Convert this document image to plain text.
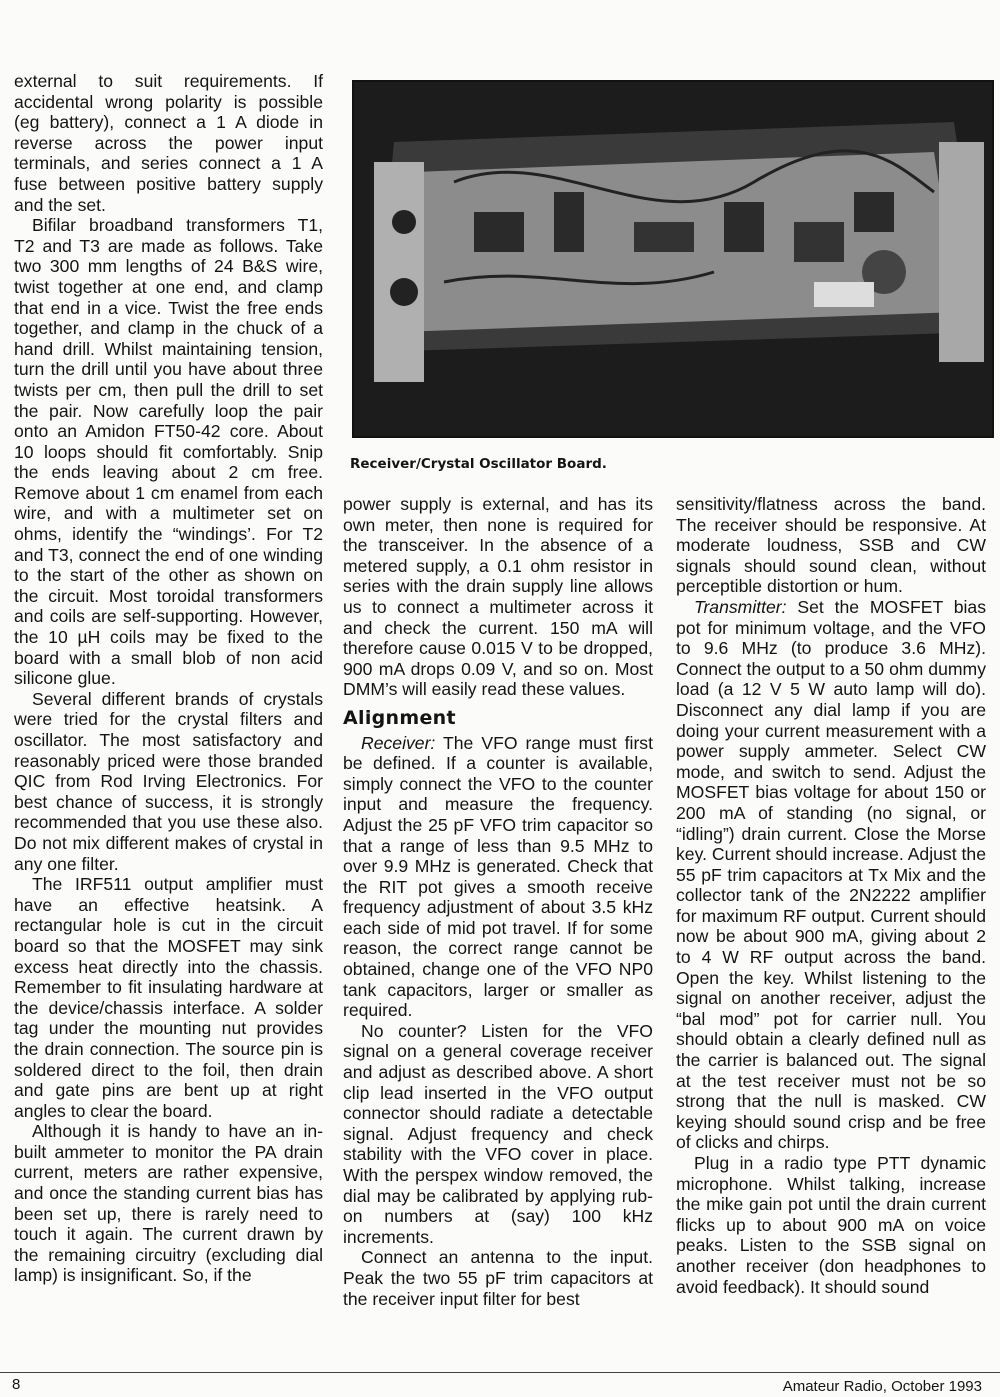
external to suit requirements. If accidental wrong polarity is possible (eg battery), connect a 1 A diode in reverse across the power input terminals, and series connect a 1 A fuse between positive battery supply and the set.

Bifilar broadband transformers T1, T2 and T3 are made as follows. Take two 300 mm lengths of 24 B&S wire, twist together at one end, and clamp that end in a vice. Twist the free ends together, and clamp in the chuck of a hand drill. Whilst maintaining tension, turn the drill until you have about three twists per cm, then pull the drill to set the pair. Now carefully loop the pair onto an Amidon FT50-42 core. About 10 loops should fit comfortably. Snip the ends leaving about 2 cm free. Remove about 1 cm enamel from each wire, and with a multimeter set on ohms, identify the “windings’. For T2 and T3, connect the end of one winding to the start of the other as shown on the circuit. Most toroidal transformers and coils are self-supporting. However, the 10 µH coils may be fixed to the board with a small blob of non acid silicone glue.

Several different brands of crystals were tried for the crystal filters and oscillator. The most satisfactory and reasonably priced were those branded QIC from Rod Irving Electronics. For best chance of success, it is strongly recommended that you use these also. Do not mix different makes of crystal in any one filter.

The IRF511 output amplifier must have an effective heatsink. A rectangular hole is cut in the circuit board so that the MOSFET may sink excess heat directly into the chassis. Remember to fit insulating hardware at the device/chassis interface. A solder tag under the mounting nut provides the drain connection. The source pin is soldered direct to the foil, then drain and gate pins are bent up at right angles to clear the board.

Although it is handy to have an in-built ammeter to monitor the PA drain current, meters are rather expensive, and once the standing current bias has been set up, there is rarely need to touch it again. The current drawn by the remaining circuitry (excluding dial lamp) is insignificant. So, if the

Receiver/Crystal Oscillator Board.

power supply is external, and has its own meter, then none is required for the transceiver. In the absence of a metered supply, a 0.1 ohm resistor in series with the drain supply line allows us to connect a multimeter across it and check the current. 150 mA will therefore cause 0.015 V to be dropped, 900 mA drops 0.09 V, and so on. Most DMM’s will easily read these values.

Alignment

Receiver: The VFO range must first be defined. If a counter is available, simply connect the VFO to the counter input and measure the frequency. Adjust the 25 pF VFO trim capacitor so that a range of less than 9.5 MHz to over 9.9 MHz is generated. Check that the RIT pot gives a smooth receive frequency adjustment of about 3.5 kHz each side of mid pot travel. If for some reason, the correct range cannot be obtained, change one of the VFO NP0 tank capacitors, larger or smaller as required.

No counter? Listen for the VFO signal on a general coverage receiver and adjust as described above. A short clip lead inserted in the VFO output connector should radiate a detectable signal. Adjust frequency and check stability with the VFO cover in place. With the perspex window removed, the dial may be calibrated by applying rub-on numbers at (say) 100 kHz increments.

Connect an antenna to the input. Peak the two 55 pF trim capacitors at the receiver input filter for best

sensitivity/flatness across the band. The receiver should be responsive. At moderate loudness, SSB and CW signals should sound clean, without perceptible distortion or hum.

Transmitter: Set the MOSFET bias pot for minimum voltage, and the VFO to 9.6 MHz (to produce 3.6 MHz). Connect the output to a 50 ohm dummy load (a 12 V 5 W auto lamp will do). Disconnect any dial lamp if you are doing your current measurement with a power supply ammeter. Select CW mode, and switch to send. Adjust the MOSFET bias voltage for about 150 or 200 mA of standing (no signal, or “idling”) drain current. Close the Morse key. Current should increase. Adjust the 55 pF trim capacitors at Tx Mix and the collector tank of the 2N2222 amplifier for maximum RF output. Current should now be about 900 mA, giving about 2 to 4 W RF output across the band. Open the key. Whilst listening to the signal on another receiver, adjust the “bal mod” pot for carrier null. You should obtain a clearly defined null as the carrier is balanced out. The signal at the test receiver must not be so strong that the null is masked. CW keying should sound crisp and be free of clicks and chirps.

Plug in a radio type PTT dynamic microphone. Whilst talking, increase the mike gain pot until the drain current flicks up to about 900 mA on voice peaks. Listen to the SSB signal on another receiver (don headphones to avoid feedback). It should sound

8	Amateur Radio, October 1993
